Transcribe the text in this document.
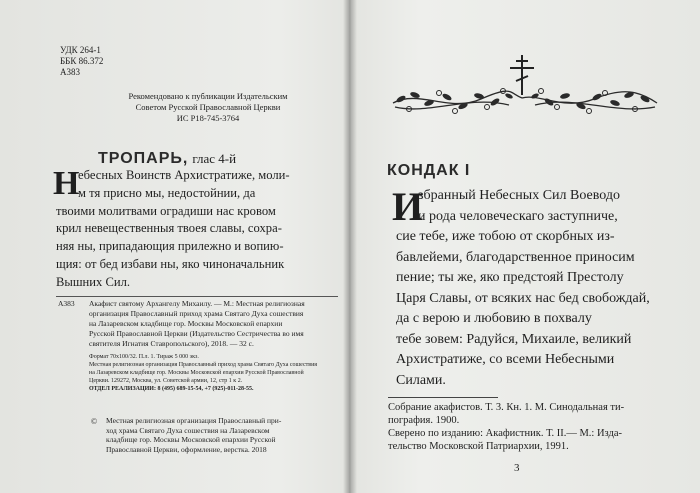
УДК 264-1
ББК 86.372
А383
Рекомендовано к публикации Издательским
Советом Русской Православной Церкви
ИС Р18-745-3764
ТРОПАРЬ, глас 4-й
Н
ебесных Воинств Архистратиже, моли-
м тя присно мы, недостойнии, да
твоими молитвами оградиши нас кровом
крил невещественныя твоея славы, сохра-
няя ны, припадающия прилежно и вопию-
щия: от бед избави ны, яко чиноначальник
Вышних Сил.
А383 Акафист святому Архангелу Михаилу. — М.: Местная религиозная
организация Православный приход храма Святаго Духа сошествия
на Лазаревском кладбище гор. Москвы Московской епархии
Русской Православной Церкви (Издательство Сестричества во имя
святителя Игнатия Ставропольского), 2018. — 32 с.
Формат 70х100/32. П.л. 1. Тираж 5 000 экз.
Местная религиозная организация Православный приход храма Святаго Духа сошествия
на Лазаревском кладбище гор. Москвы Московской епархии Русской Православной
Церкви. 129272, Москва, ул. Советской армии, 12, стр 1 к 2.
ОТДЕЛ РЕАЛИЗАЦИИ: 8 (495) 689-15-54, +7 (925)-011-28-55.
© Местная религиозная организация Православный при-
ход храма Святаго Духа сошествия на Лазаревском
кладбище гор. Москвы Московской епархии Русской
Православной Церкви, оформление, верстка. 2018
КОНДАК I
И
збранный Небесных Сил Воеводо
и рода человеческаго заступниче,
сие тебе, иже тобою от скорбных из-
бавлейеми, благодарственное приносим
пение; ты же, яко предстояй Престолу
Царя Славы, от всяких нас бед свобождай,
да с верою и любовию в похвалу
тебе зовем: Радуйся, Михаиле, великий
Архистратиже, со всеми Небесными
Силами.
Собрание акафистов. Т. 3. Кн. 1. М. Синодальная ти-
пография. 1900.
Сверено по изданию: Акафистник. Т. II.— М.: Изда-
тельство Московской Патриархии, 1991.
3
